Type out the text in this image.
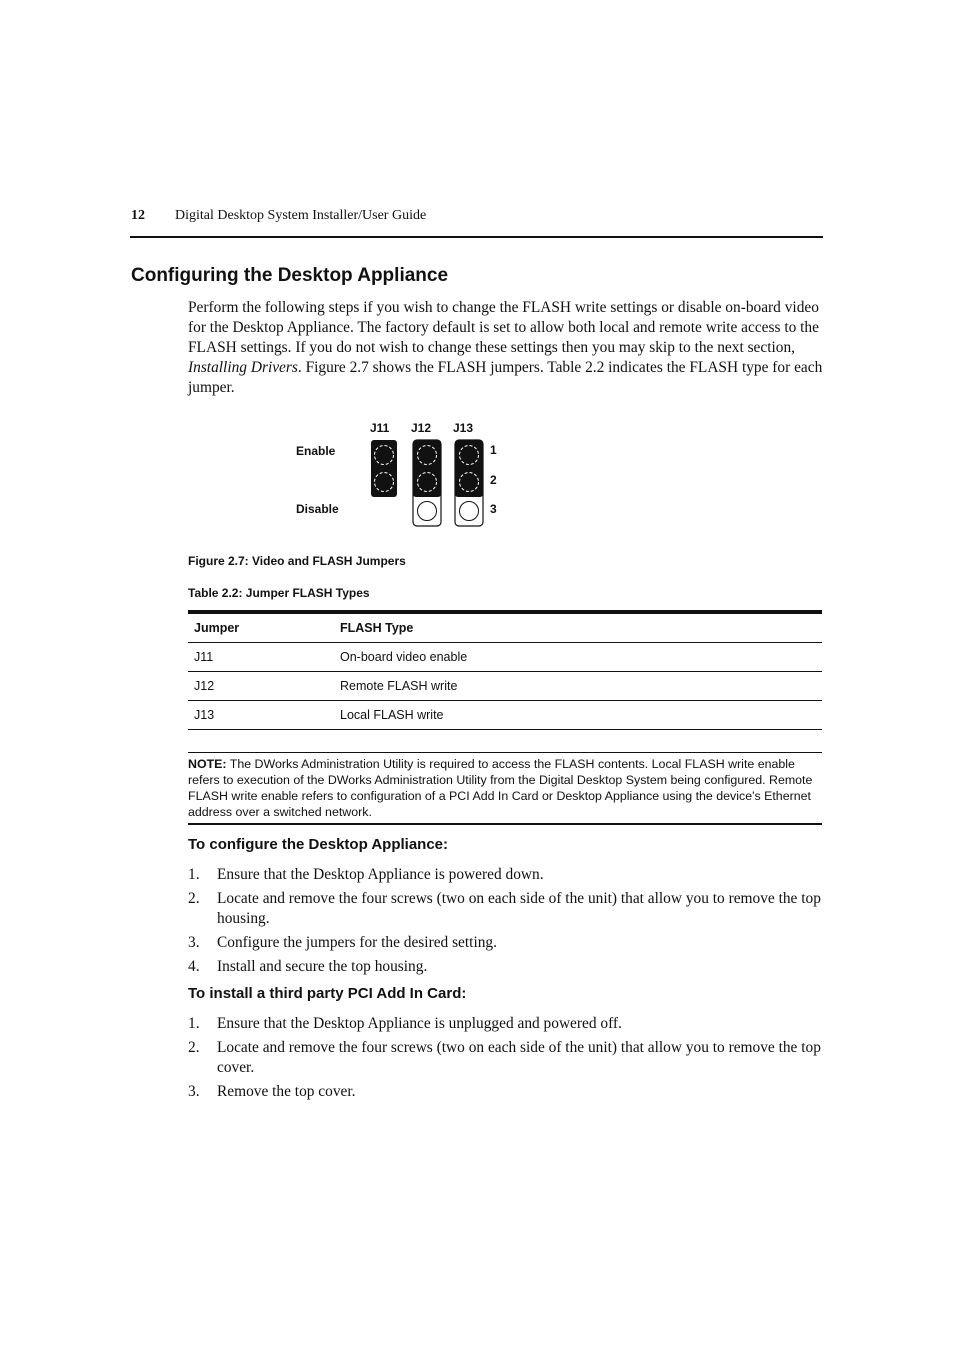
12 Digital Desktop System Installer/User Guide
Configuring the Desktop Appliance

Perform the following steps if you wish to change the FLASH write settings or disable on-board video for the Desktop Appliance. The factory default is set to allow both local and remote write access to the FLASH settings. If you do not wish to change these settings then you may skip to the next section, Installing Drivers. Figure 2.7 shows the FLASH jumpers. Table 2.2 indicates the FLASH type for each jumper.

J11 J12 J13
Enable
Disable
1
2
3
Figure 2.7: Video and FLASH Jumpers
Table 2.2: Jumper FLASH Types
Jumper	FLASH Type
J11	On-board video enable
J12	Remote FLASH write
J13	Local FLASH write
NOTE: The DWorks Administration Utility is required to access the FLASH contents. Local FLASH write enable refers to execution of the DWorks Administration Utility from the Digital Desktop System being configured. Remote FLASH write enable refers to configuration of a PCI Add In Card or Desktop Appliance using the device's Ethernet address over a switched network.
To configure the Desktop Appliance:
1. Ensure that the Desktop Appliance is powered down.
2. Locate and remove the four screws (two on each side of the unit) that allow you to remove the top housing.
3. Configure the jumpers for the desired setting.
4. Install and secure the top housing.
To install a third party PCI Add In Card:
1. Ensure that the Desktop Appliance is unplugged and powered off.
2. Locate and remove the four screws (two on each side of the unit) that allow you to remove the top cover.
3. Remove the top cover.
